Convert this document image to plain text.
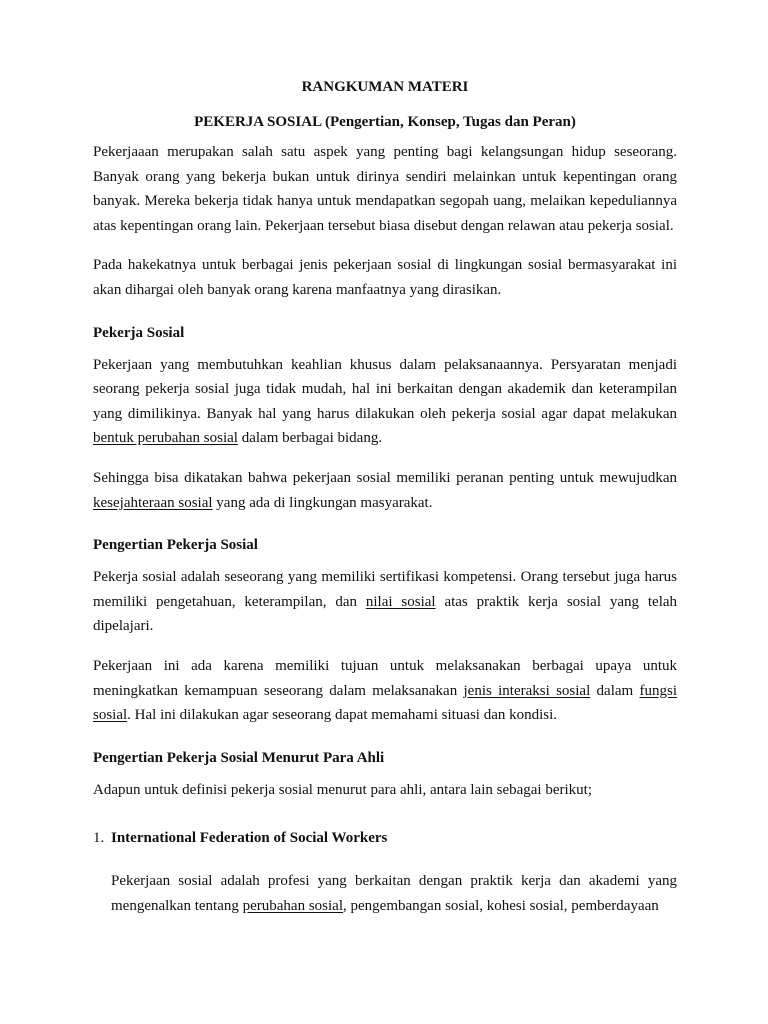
RANGKUMAN MATERI
PEKERJA SOSIAL (Pengertian, Konsep, Tugas dan Peran)

Pekerjaaan merupakan salah satu aspek yang penting bagi kelangsungan hidup seseorang. Banyak orang yang bekerja bukan untuk dirinya sendiri melainkan untuk kepentingan orang banyak. Mereka bekerja tidak hanya untuk mendapatkan segopah uang, melaikan kepeduliannya atas kepentingan orang lain. Pekerjaan tersebut biasa disebut dengan relawan atau pekerja sosial.

Pada hakekatnya untuk berbagai jenis pekerjaan sosial di lingkungan sosial bermasyarakat ini akan dihargai oleh banyak orang karena manfaatnya yang dirasikan.

Pekerja Sosial

Pekerjaan yang membutuhkan keahlian khusus dalam pelaksanaannya. Persyaratan menjadi seorang pekerja sosial juga tidak mudah, hal ini berkaitan dengan akademik dan keterampilan yang dimilikinya. Banyak hal yang harus dilakukan oleh pekerja sosial agar dapat melakukan bentuk perubahan sosial dalam berbagai bidang.

Sehingga bisa dikatakan bahwa pekerjaan sosial memiliki peranan penting untuk mewujudkan kesejahteraan sosial yang ada di lingkungan masyarakat.

Pengertian Pekerja Sosial

Pekerja sosial adalah seseorang yang memiliki sertifikasi kompetensi. Orang tersebut juga harus memiliki pengetahuan, keterampilan, dan nilai sosial atas praktik kerja sosial yang telah dipelajari.

Pekerjaan ini ada karena memiliki tujuan untuk melaksanakan berbagai upaya untuk meningkatkan kemampuan seseorang dalam melaksanakan jenis interaksi sosial dalam fungsi sosial. Hal ini dilakukan agar seseorang dapat memahami situasi dan kondisi.

Pengertian Pekerja Sosial Menurut Para Ahli

Adapun untuk definisi pekerja sosial menurut para ahli, antara lain sebagai berikut;

1. International Federation of Social Workers

Pekerjaan sosial adalah profesi yang berkaitan dengan praktik kerja dan akademi yang mengenalkan tentang perubahan sosial, pengembangan sosial, kohesi sosial, pemberdayaan
